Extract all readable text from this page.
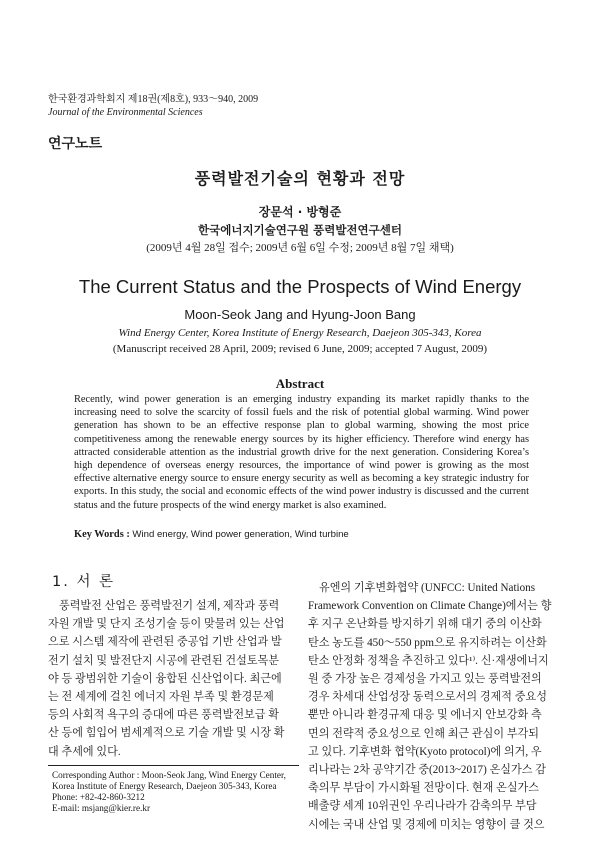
한국환경과학회지 제18권(제8호), 933～940, 2009
Journal of the Environmental Sciences
연구노트
풍력발전기술의 현황과 전망
장문석 · 방형준
한국에너지기술연구원 풍력발전연구센터
(2009년 4월 28일 접수; 2009년 6월 6일 수정; 2009년 8월 7일 채택)
The Current Status and the Prospects of Wind Energy
Moon-Seok Jang and Hyung-Joon Bang
Wind Energy Center, Korea Institute of Energy Research, Daejeon 305-343, Korea
(Manuscript received 28 April, 2009; revised 6 June, 2009; accepted 7 August, 2009)
Abstract
Recently, wind power generation is an emerging industry expanding its market rapidly thanks to the increasing need to solve the scarcity of fossil fuels and the risk of potential global warming. Wind power generation has shown to be an effective response plan to global warming, showing the most price competitiveness among the renewable energy sources by its higher efficiency. Therefore wind energy has attracted considerable attention as the industrial growth drive for the next generation. Considering Korea’s high dependence of overseas energy resources, the importance of wind power is growing as the most effective alternative energy source to ensure energy security as well as becoming a key strategic industry for exports. In this study, the social and economic effects of the wind power industry is discussed and the current status and the future prospects of the wind energy market is also examined.
Key Words : Wind energy, Wind power generation, Wind turbine
1. 서 론
풍력발전 산업은 풍력발전기 설계, 제작과 풍력
자원 개발 및 단지 조성기술 등이 맞물려 있는 산업
으로 시스템 제작에 관련된 중공업 기반 산업과 발
전기 설치 및 발전단지 시공에 관련된 건설토목분
야 등 광범위한 기술이 융합된 신산업이다. 최근에
는 전 세계에 걸친 에너지 자원 부족 및 환경문제
등의 사회적 욕구의 증대에 따른 풍력발전보급 확
산 등에 힘입어 범세계적으로 기술 개발 및 시장 확
대 추세에 있다.
유엔의 기후변화협약 (UNFCC: United Nations
Framework Convention on Climate Change)에서는 향
후 지구 온난화를 방지하기 위해 대기 중의 이산화
탄소 농도를 450～550 ppm으로 유지하려는 이산화
탄소 안정화 정책을 추진하고 있다¹⁾. 신·재생에너지
원 중 가장 높은 경제성을 가지고 있는 풍력발전의
경우 차세대 산업성장 동력으로서의 경제적 중요성
뿐만 아니라 환경규제 대응 및 에너지 안보강화 측
면의 전략적 중요성으로 인해 최근 관심이 부각되
고 있다. 기후변화 협약(Kyoto protocol)에 의거, 우
리나라는 2차 공약기간 중(2013~2017) 온실가스 감
축의무 부담이 가시화될 전망이다. 현재 온실가스
배출량 세계 10위권인 우리나라가 감축의무 부담
시에는 국내 산업 및 경제에 미치는 영향이 클 것으
Corresponding Author : Moon-Seok Jang, Wind Energy Center,
Korea Institute of Energy Research, Daejeon 305-343, Korea
Phone: +82-42-860-3212
E-mail: msjang@kier.re.kr
